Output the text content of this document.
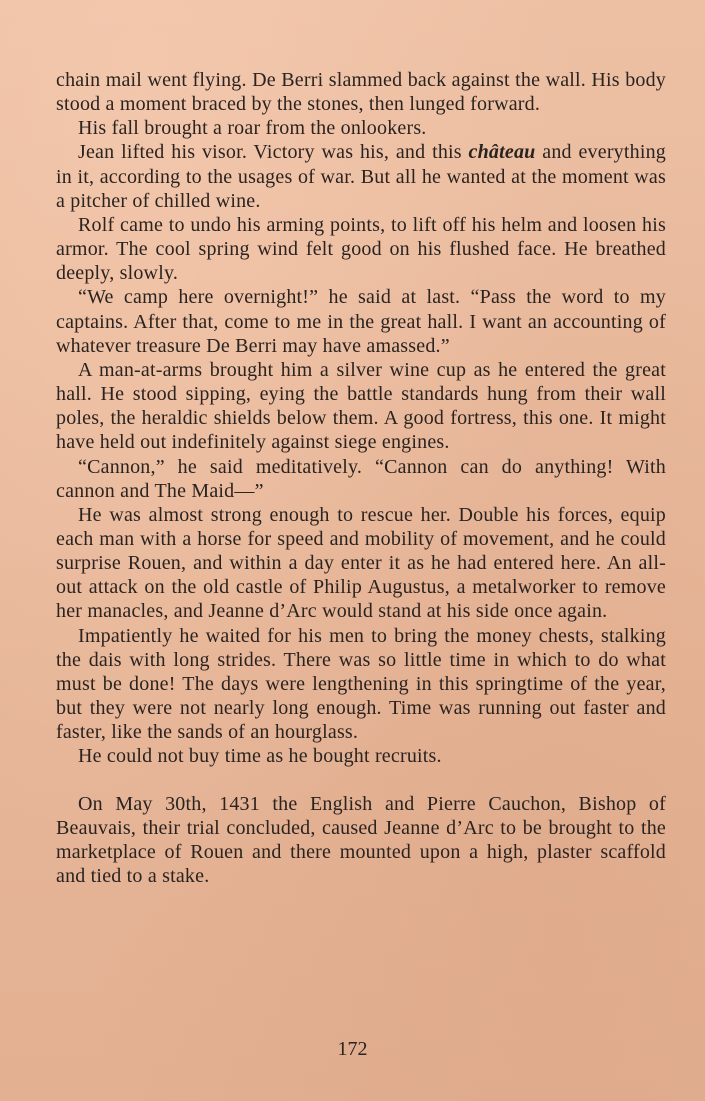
chain mail went flying. De Berri slammed back against the wall. His body stood a moment braced by the stones, then lunged forward.

His fall brought a roar from the onlookers.

Jean lifted his visor. Victory was his, and this château and everything in it, according to the usages of war. But all he wanted at the moment was a pitcher of chilled wine.

Rolf came to undo his arming points, to lift off his helm and loosen his armor. The cool spring wind felt good on his flushed face. He breathed deeply, slowly.

“We camp here overnight!” he said at last. “Pass the word to my captains. After that, come to me in the great hall. I want an accounting of whatever treasure De Berri may have amassed.”

A man-at-arms brought him a silver wine cup as he entered the great hall. He stood sipping, eying the battle standards hung from their wall poles, the heraldic shields below them. A good fortress, this one. It might have held out indefinitely against siege engines.

“Cannon,” he said meditatively. “Cannon can do anything! With cannon and The Maid—”

He was almost strong enough to rescue her. Double his forces, equip each man with a horse for speed and mobility of movement, and he could surprise Rouen, and within a day enter it as he had entered here. An all-out attack on the old castle of Philip Augustus, a metalworker to remove her manacles, and Jeanne d’Arc would stand at his side once again.

Impatiently he waited for his men to bring the money chests, stalking the dais with long strides. There was so little time in which to do what must be done! The days were lengthening in this springtime of the year, but they were not nearly long enough. Time was running out faster and faster, like the sands of an hourglass.

He could not buy time as he bought recruits.

On May 30th, 1431 the English and Pierre Cauchon, Bishop of Beauvais, their trial concluded, caused Jeanne d’Arc to be brought to the marketplace of Rouen and there mounted upon a high, plaster scaffold and tied to a stake.

172
